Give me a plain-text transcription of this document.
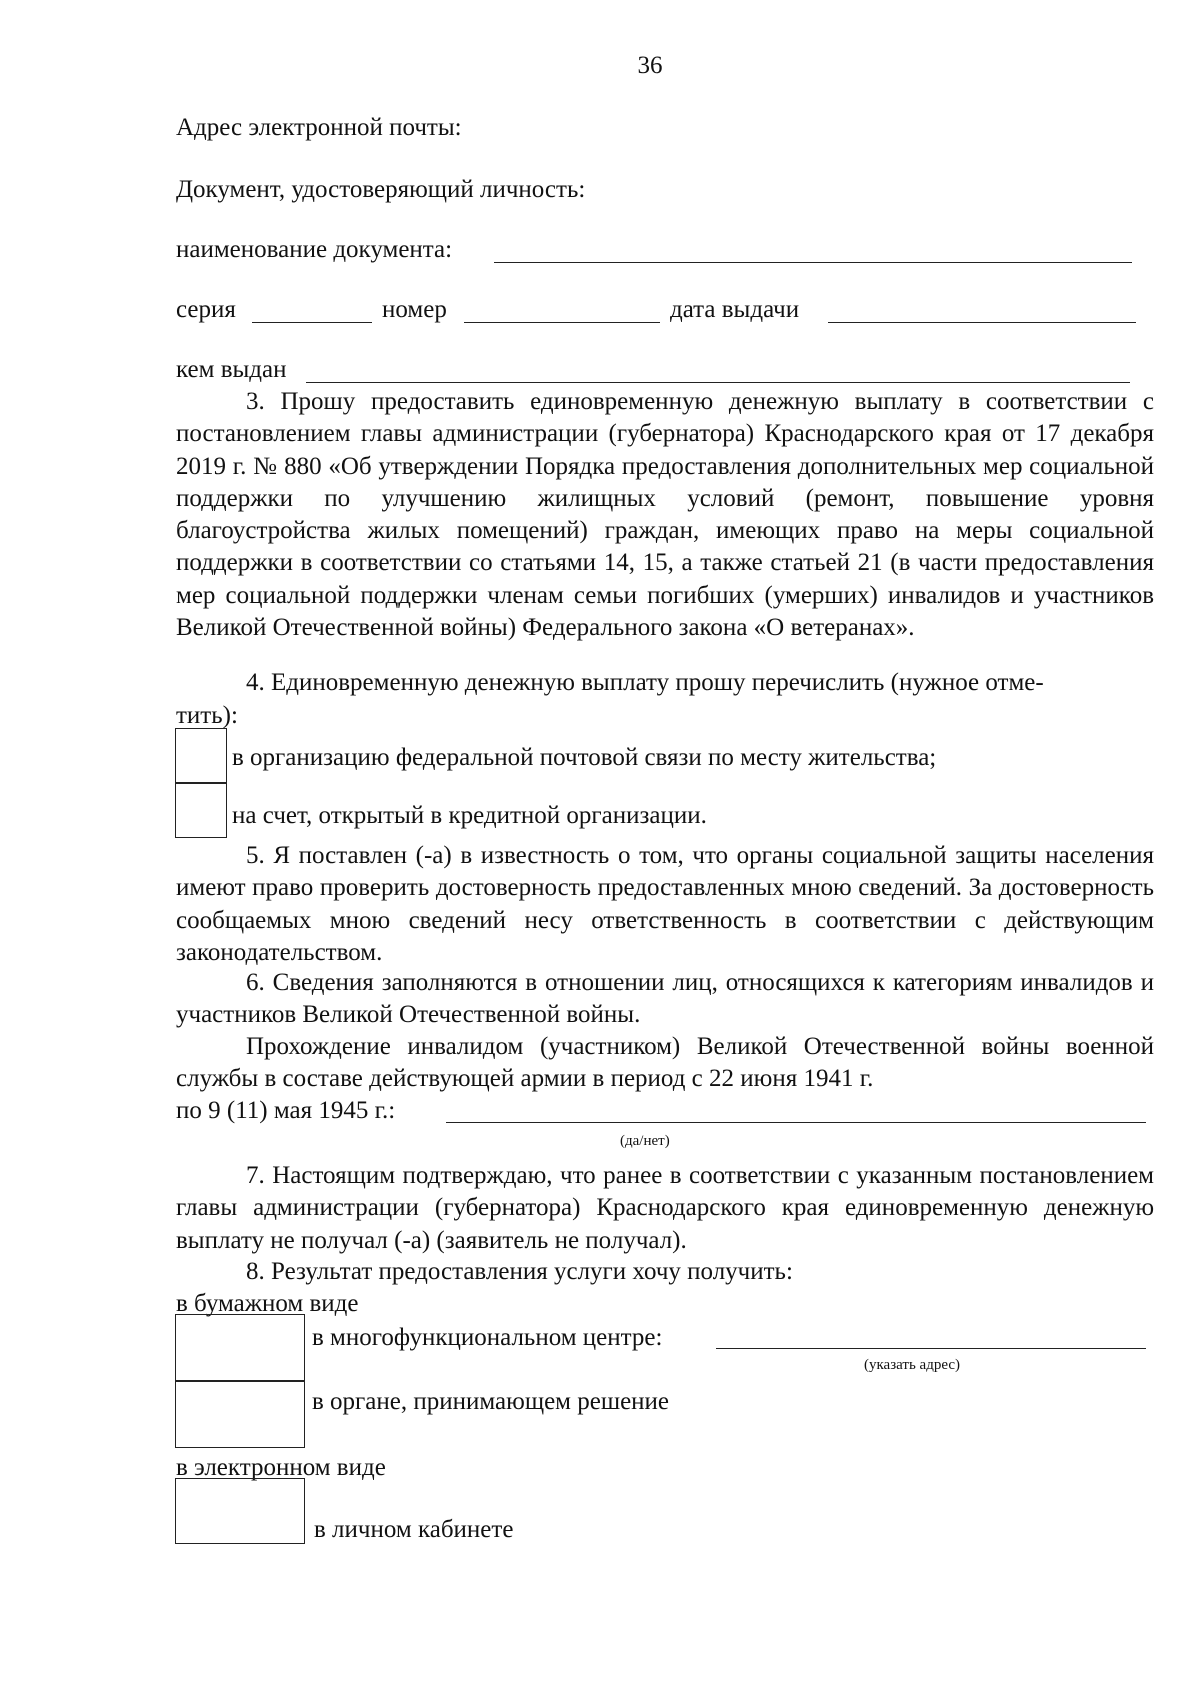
36
Адрес электронной почты:
Документ, удостоверяющий личность:
наименование документа:
серия	номер	дата выдачи
кем выдан
3. Прошу предоставить единовременную денежную выплату в соответствии с постановлением главы администрации (губернатора) Краснодарского края от 17 декабря 2019 г. № 880 «Об утверждении Порядка предоставления дополнительных мер социальной поддержки по улучшению жилищных условий (ремонт, повышение уровня благоустройства жилых помещений) граждан, имеющих право на меры социальной поддержки в соответствии со статьями 14, 15, а также статьей 21 (в части предоставления мер социальной поддержки членам семьи погибших (умерших) инвалидов и участников Великой Отечественной войны) Федерального закона «О ветеранах».
4. Единовременную денежную выплату прошу перечислить (нужное отме-
тить):
в организацию федеральной почтовой связи по месту жительства;
на счет, открытый в кредитной организации.
5. Я поставлен (-а) в известность о том, что органы социальной защиты населения имеют право проверить достоверность предоставленных мною сведений. За достоверность сообщаемых мною сведений несу ответственность в соответствии с действующим законодательством.
6. Сведения заполняются в отношении лиц, относящихся к категориям инвалидов и участников Великой Отечественной войны.
Прохождение инвалидом (участником) Великой Отечественной войны военной службы в составе действующей армии в период с 22 июня 1941 г.
по 9 (11) мая 1945 г.:
(да/нет)
7. Настоящим подтверждаю, что ранее в соответствии с указанным постановлением главы администрации (губернатора) Краснодарского края единовременную денежную выплату не получал (-а) (заявитель не получал).
8. Результат предоставления услуги хочу получить:
в бумажном виде
в многофункциональном центре:
(указать адрес)
в органе, принимающем решение
в электронном виде
в личном кабинете
